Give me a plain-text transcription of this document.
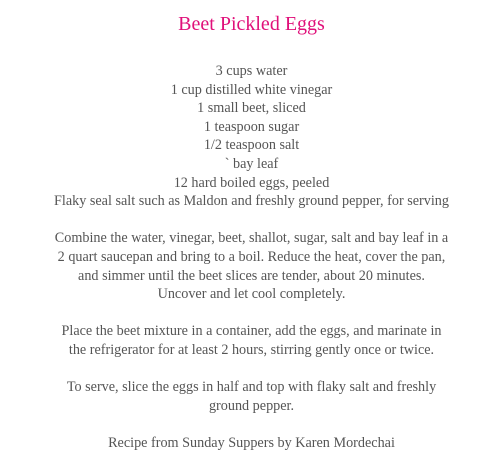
Beet Pickled Eggs
3 cups water
1 cup distilled white vinegar
1 small beet, sliced
1 teaspoon sugar
1/2 teaspoon salt
` bay leaf
12 hard boiled eggs, peeled
Flaky seal salt such as Maldon and freshly ground pepper, for serving

Combine the water, vinegar, beet, shallot, sugar, salt and bay leaf in a
2 quart saucepan and bring to a boil. Reduce the heat, cover the pan,
and simmer until the beet slices are tender, about 20 minutes.
Uncover and let cool completely.

Place the beet mixture in a container, add the eggs, and marinate in
the refrigerator for at least 2 hours, stirring gently once or twice.

To serve, slice the eggs in half and top with flaky salt and freshly
ground pepper.

Recipe from Sunday Suppers by Karen Mordechai
